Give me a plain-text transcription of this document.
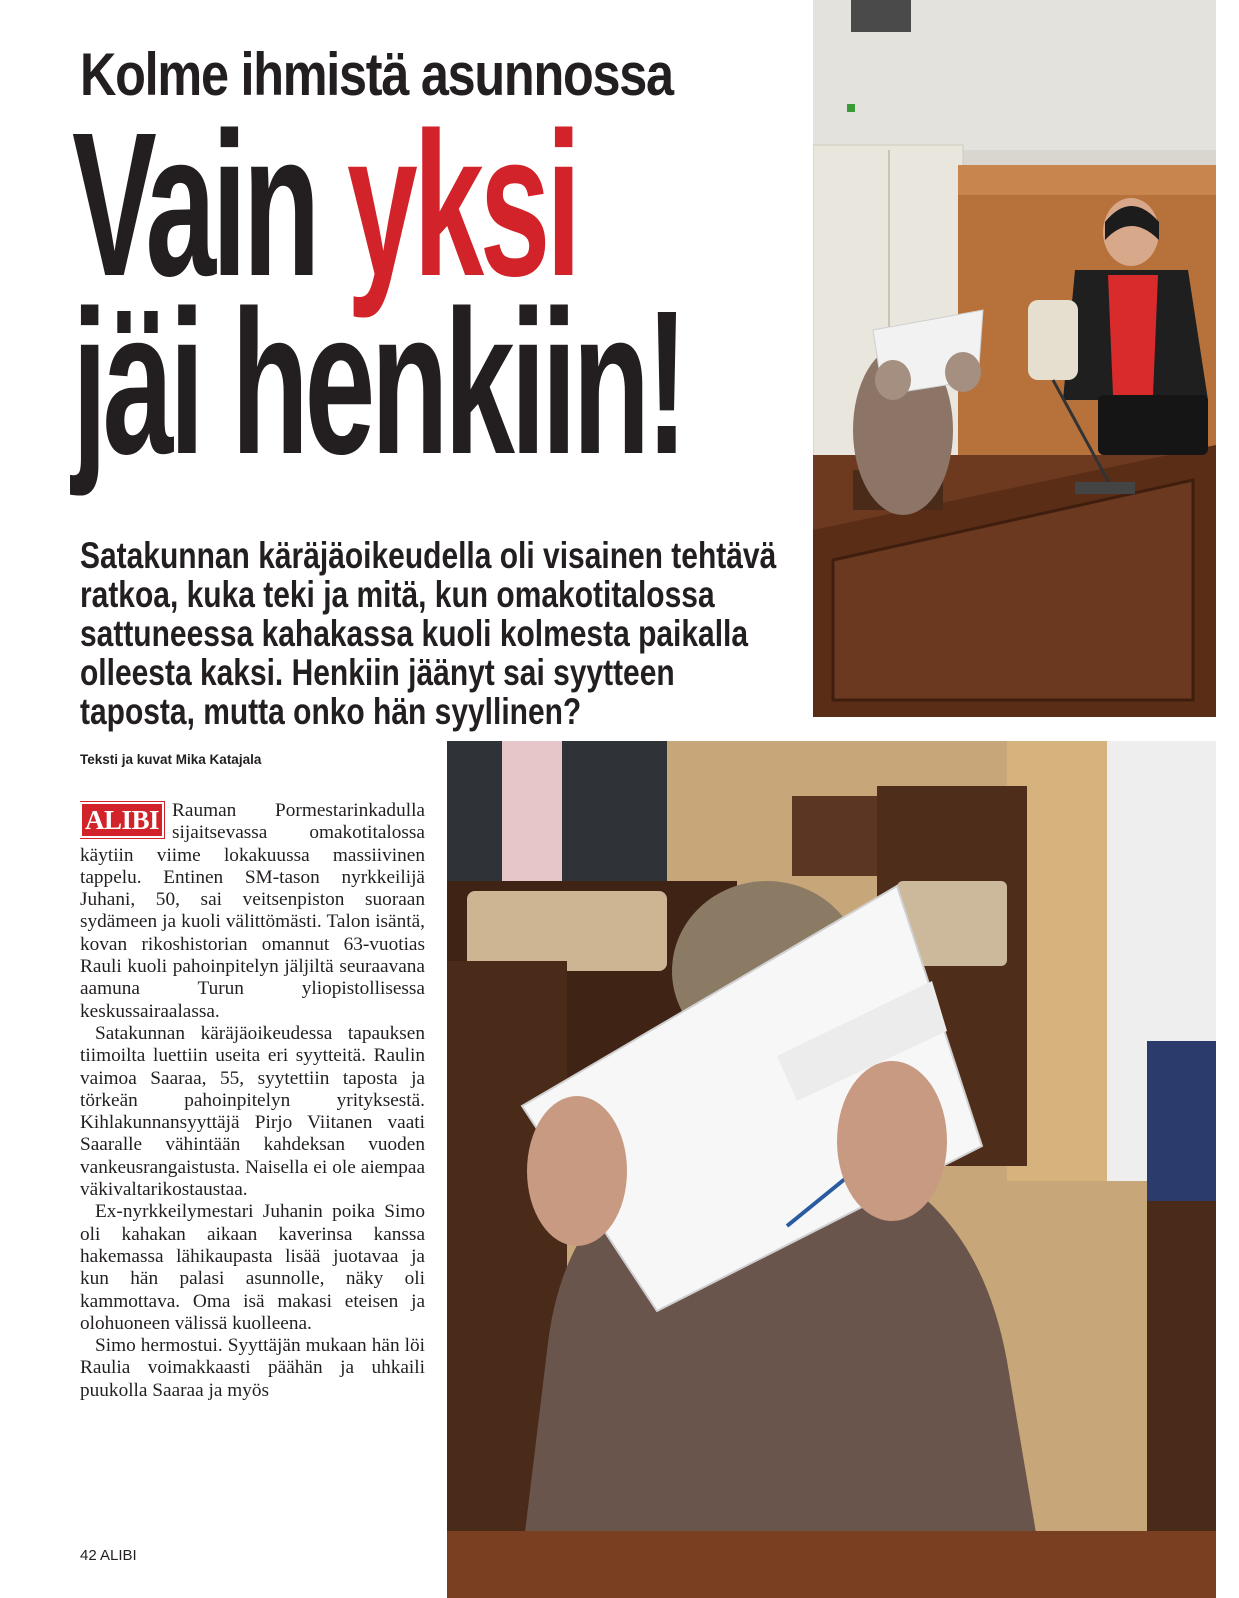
Kolme ihmistä asunnossa
Vain yksi
jäi henkiin!
Satakunnan käräjäoikeudella oli visainen tehtävä ratkoa, kuka teki ja mitä, kun omakotitalossa sattuneessa kahakassa kuoli kolmesta paikalla olleesta kaksi. Henkiin jäänyt sai syytteen taposta, mutta onko hän syyllinen?
Teksti ja kuvat Mika Katajala

ALIBI Rauman Pormestarinkadulla sijaitsevassa omakotitalossa käytiin viime lokakuussa massiivinen tappelu. Entinen SM-tason nyrkkeilijä Juhani, 50, sai veitsenpiston suoraan sydämeen ja kuoli välittömästi. Talon isäntä, kovan rikoshistorian omannut 63-vuotias Rauli kuoli pahoinpitelyn jäljiltä seuraavana aamuna Turun yliopistollisessa keskussairaalassa.

Satakunnan käräjäoikeudessa tapauksen tiimoilta luettiin useita eri syytteitä. Raulin vaimoa Saaraa, 55, syytettiin taposta ja törkeän pahoinpitelyn yrityksestä. Kihlakunnansyyttäjä Pirjo Viitanen vaati Saaralle vähintään kahdeksan vuoden vankeusrangaistusta. Naisella ei ole aiempaa väkivaltarikostaustaa.

Ex-nyrkkeilymestari Juhanin poika Simo oli kahakan aikaan kaverinsa kanssa hakemassa lähikaupasta lisää juotavaa ja kun hän palasi asunnolle, näky oli kammottava. Oma isä makasi eteisen ja olohuoneen välissä kuolleena.

Simo hermostui. Syyttäjän mukaan hän löi Raulia voimakkaasti päähän ja uhkaili puukolla Saaraa ja myös

42 ALIBI
